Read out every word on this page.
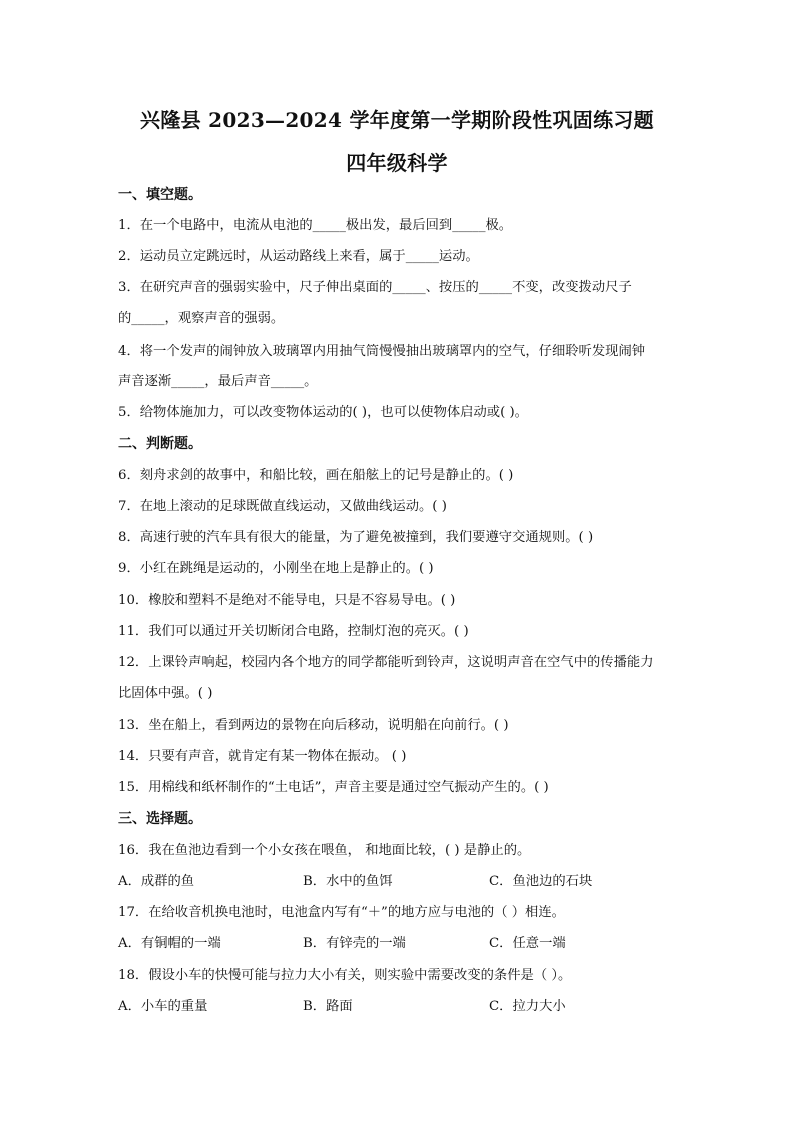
兴隆县 2023—2024 学年度第一学期阶段性巩固练习题
四年级科学
一、填空题。
1．在一个电路中，电流从电池的_____极出发，最后回到_____极。
2．运动员立定跳远时，从运动路线上来看，属于_____运动。
3．在研究声音的强弱实验中，尺子伸出桌面的_____、按压的_____不变，改变拨动尺子
的_____，观察声音的强弱。
4．将一个发声的闹钟放入玻璃罩内用抽气筒慢慢抽出玻璃罩内的空气，仔细聆听发现闹钟
声音逐渐_____，最后声音_____。
5．给物体施加力，可以改变物体运动的( )，也可以使物体启动或( )。
二、判断题。
6．刻舟求剑的故事中，和船比较，画在船舷上的记号是静止的。( )
7．在地上滚动的足球既做直线运动，又做曲线运动。( )
8．高速行驶的汽车具有很大的能量，为了避免被撞到，我们要遵守交通规则。( )
9．小红在跳绳是运动的，小刚坐在地上是静止的。( )
10．橡胶和塑料不是绝对不能导电，只是不容易导电。( )
11．我们可以通过开关切断闭合电路，控制灯泡的亮灭。( )
12．上课铃声响起，校园内各个地方的同学都能听到铃声，这说明声音在空气中的传播能力
比固体中强。( )
13．坐在船上，看到两边的景物在向后移动，说明船在向前行。( )
14．只要有声音，就肯定有某一物体在振动。 ( )
15．用棉线和纸杯制作的“土电话”，声音主要是通过空气振动产生的。( )
三、选择题。
16．我在鱼池边看到一个小女孩在喂鱼， 和地面比较，( ) 是静止的。
A．成群的鱼	B．水中的鱼饵	C．鱼池边的石块
17．在给收音机换电池时，电池盒内写有“＋”的地方应与电池的（ ）相连。
A．有铜帽的一端	B．有锌壳的一端	C．任意一端
18．假设小车的快慢可能与拉力大小有关，则实验中需要改变的条件是（ ）。
A．小车的重量	B．路面	C．拉力大小
